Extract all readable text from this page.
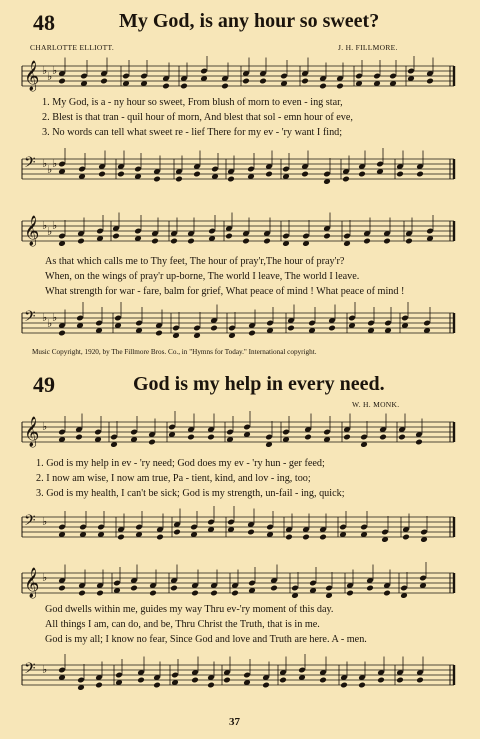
48	My God, is any hour so sweet?
CHARLOTTE ELLIOTT.	J. H. FILLMORE.
𝄞 ♭ ♭ ♭
1. My God, is a - ny hour so sweet, From blush of morn to even - ing star,
2. Blest is that tran - quil hour of morn, And blest that sol - emn hour of eve,
3. No words can tell what sweet re - lief There for my ev - 'ry want I find;
𝄢 ♭ ♭ ♭
𝄞 ♭ ♭ ♭
As that which calls me to Thy feet, The hour of pray'r,The hour of pray'r?
When, on the wings of pray'r up-borne, The world I leave, The world I leave.
What strength for war - fare, balm for grief, What peace of mind ! What peace of mind !
𝄢 ♭ ♭ ♭
Music Copyright, 1920, by The Fillmore Bros. Co., in "Hymns for Today." International copyright.
49	God is my help in every need.
W. H. MONK.
𝄞 ♭
1. God is my help in ev - 'ry need; God does my ev - 'ry hun - ger feed;
2. I now am wise, I now am true, Pa - tient, kind, and lov - ing, too;
3. God is my health, I can't be sick; God is my strength, un-fail - ing, quick;
𝄢 ♭
𝄞 ♭
God dwells within me, guides my way Thru ev-'ry moment of this day.
All things I am, can do, and be, Thru Christ the Truth, that is in me.
God is my all; I know no fear, Since God and love and Truth are here. A - men.
𝄢 ♭
37
